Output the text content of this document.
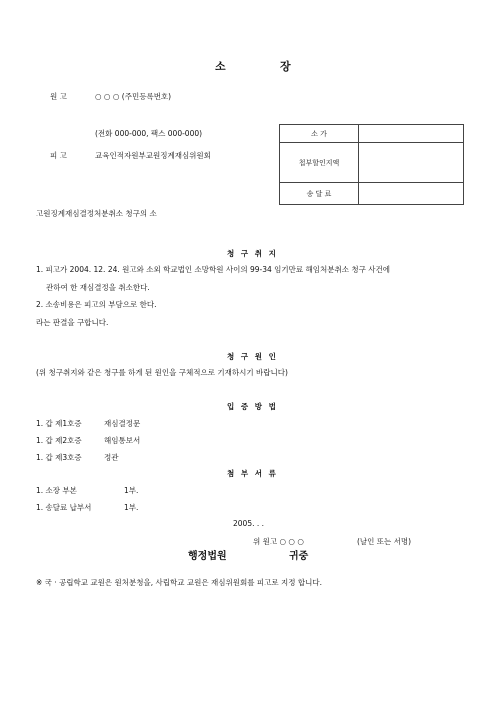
소	장
원 고	○ ○ ○ (주민등록번호)
(전화 000-000, 팩스 000-000)
피 고	교육인적자원부교원징계재심위원회
소 가	
첩부할인지액	
송 달 료	
고원징계재심결정처분취소 청구의 소
청 구 취 지
1. 피고가 2004. 12. 24. 원고와 소외 학교법인 소망학원 사이의 99-34 임기만료 해임처분취소 청구 사건에
관하여 한 재심결정을 취소한다.
2. 소송비용은 피고의 부담으로 한다.
라는 판결을 구합니다.
청 구 원 인
(위 청구취지와 같은 청구를 하게 된 원인을 구체적으로 기재하시기 바랍니다)
입 증 방 법
1. 갑 제1호증	재심결정문
1. 갑 제2호증	해임통보서
1. 갑 제3호증	정관
첨 부 서 류
1. 소장 부본	1부.
1. 송달료 납부서	1부.
2005. . .
위 원고 ○ ○ ○	(날인 또는 서명)
행정법원	귀중
※ 국 · 공립학교 교원은 원처분청을, 사립학교 교원은 재심위원회를 피고로 지정 합니다.
